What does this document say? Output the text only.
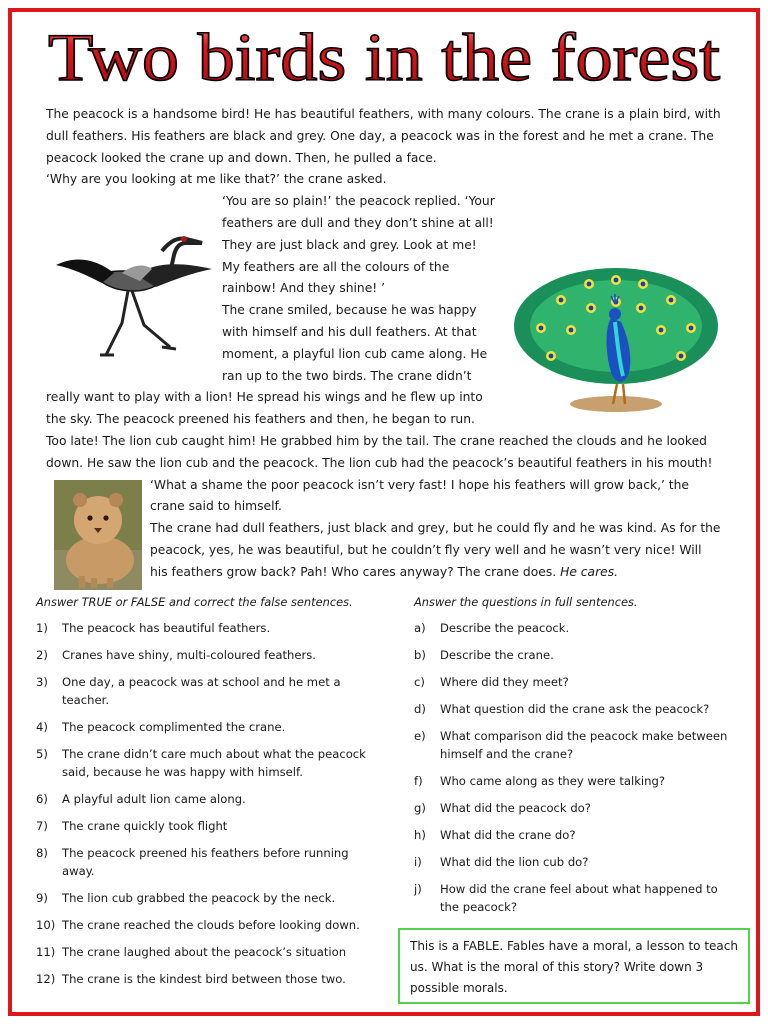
Two birds in the forest

The peacock is a handsome bird! He has beautiful feathers, with many colours. The crane is a plain bird, with dull feathers. His feathers are black and grey. One day, a peacock was in the forest and he met a crane. The peacock looked the crane up and down. Then, he pulled a face.

‘Why are you looking at me like that?’ the crane asked.

‘You are so plain!’ the peacock replied. ‘Your feathers are dull and they don’t shine at all! They are just black and grey. Look at me! My feathers are all the colours of the rainbow! And they shine! ’

The crane smiled, because he was happy with himself and his dull feathers. At that moment, a playful lion cub came along. He ran up to the two birds. The crane didn’t really want to play with a lion! He spread his wings and he flew up into the sky. The peacock preened his feathers and then, he began to run. Too late! The lion cub caught him! He grabbed him by the tail. The crane reached the clouds and he looked down. He saw the lion cub and the peacock. The lion cub had the peacock’s beautiful feathers in his mouth!

‘What a shame the poor peacock isn’t very fast! I hope his feathers will grow back,’ the crane said to himself.

The crane had dull feathers, just black and grey, but he could fly and he was kind. As for the peacock, yes, he was beautiful, but he couldn’t fly very well and he wasn’t very nice! Will his feathers grow back? Pah! Who cares anyway? The crane does. He cares.

Answer TRUE or FALSE and correct the false sentences.
1)	The peacock has beautiful feathers.
2)	Cranes have shiny, multi-coloured feathers.
3)	One day, a peacock was at school and he met a teacher.
4)	The peacock complimented the crane.
5)	The crane didn’t care much about what the peacock said, because he was happy with himself.
6)	A playful adult lion came along.
7)	The crane quickly took flight
8)	The peacock preened his feathers before running away.
9)	The lion cub grabbed the peacock by the neck.
10) The crane reached the clouds before looking down.
11) The crane laughed about the peacock’s situation
12) The crane is the kindest bird between those two.
Answer the questions in full sentences.
a)	Describe the peacock.
b)	Describe the crane.
c)	Where did they meet?
d)	What question did the crane ask the peacock?
e)	What comparison did the peacock make between himself and the crane?
f)	Who came along as they were talking?
g)	What did the peacock do?
h)	What did the crane do?
i)	What did the lion cub do?
j)	How did the crane feel about what happened to the peacock?
This is a FABLE. Fables have a moral, a lesson to teach us. What is the moral of this story? Write down 3 possible morals.
